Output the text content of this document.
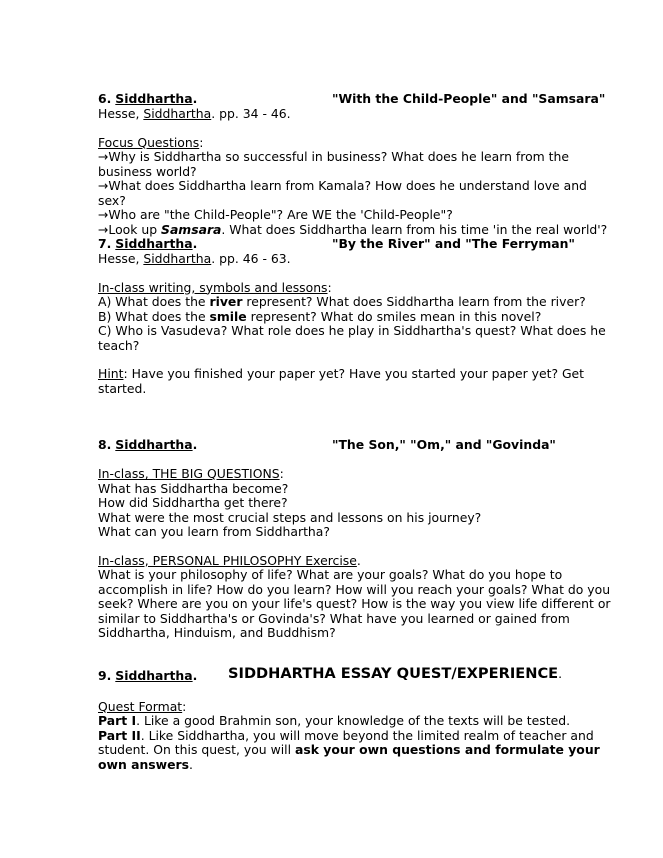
6. Siddhartha.	"With the Child-People" and "Samsara"
Hesse, Siddhartha. pp. 34 - 46.
Focus Questions:
→Why is Siddhartha so successful in business? What does he learn from the
business world?
→What does Siddhartha learn from Kamala? How does he understand love and
sex?
→Who are "the Child-People"? Are WE the 'Child-People"?
→Look up Samsara. What does Siddhartha learn from his time 'in the real world'?
7. Siddhartha.	"By the River" and "The Ferryman"
Hesse, Siddhartha. pp. 46 - 63.
In-class writing, symbols and lessons:
A) What does the river represent? What does Siddhartha learn from the river?
B) What does the smile represent? What do smiles mean in this novel?
C) Who is Vasudeva? What role does he play in Siddhartha's quest? What does he
teach?
Hint: Have you finished your paper yet? Have you started your paper yet? Get
started.
8. Siddhartha.	"The Son," "Om," and "Govinda"
In-class, THE BIG QUESTIONS:
What has Siddhartha become?
How did Siddhartha get there?
What were the most crucial steps and lessons on his journey?
What can you learn from Siddhartha?
In-class, PERSONAL PHILOSOPHY Exercise.
What is your philosophy of life? What are your goals? What do you hope to
accomplish in life? How do you learn? How will you reach your goals? What do you
seek? Where are you on your life's quest? How is the way you view life different or
similar to Siddhartha's or Govinda's? What have you learned or gained from
Siddhartha, Hinduism, and Buddhism?
9. Siddhartha. SIDDHARTHA ESSAY QUEST/EXPERIENCE.
Quest Format:
Part I. Like a good Brahmin son, your knowledge of the texts will be tested.
Part II. Like Siddhartha, you will move beyond the limited realm of teacher and
student. On this quest, you will ask your own questions and formulate your
own answers.
